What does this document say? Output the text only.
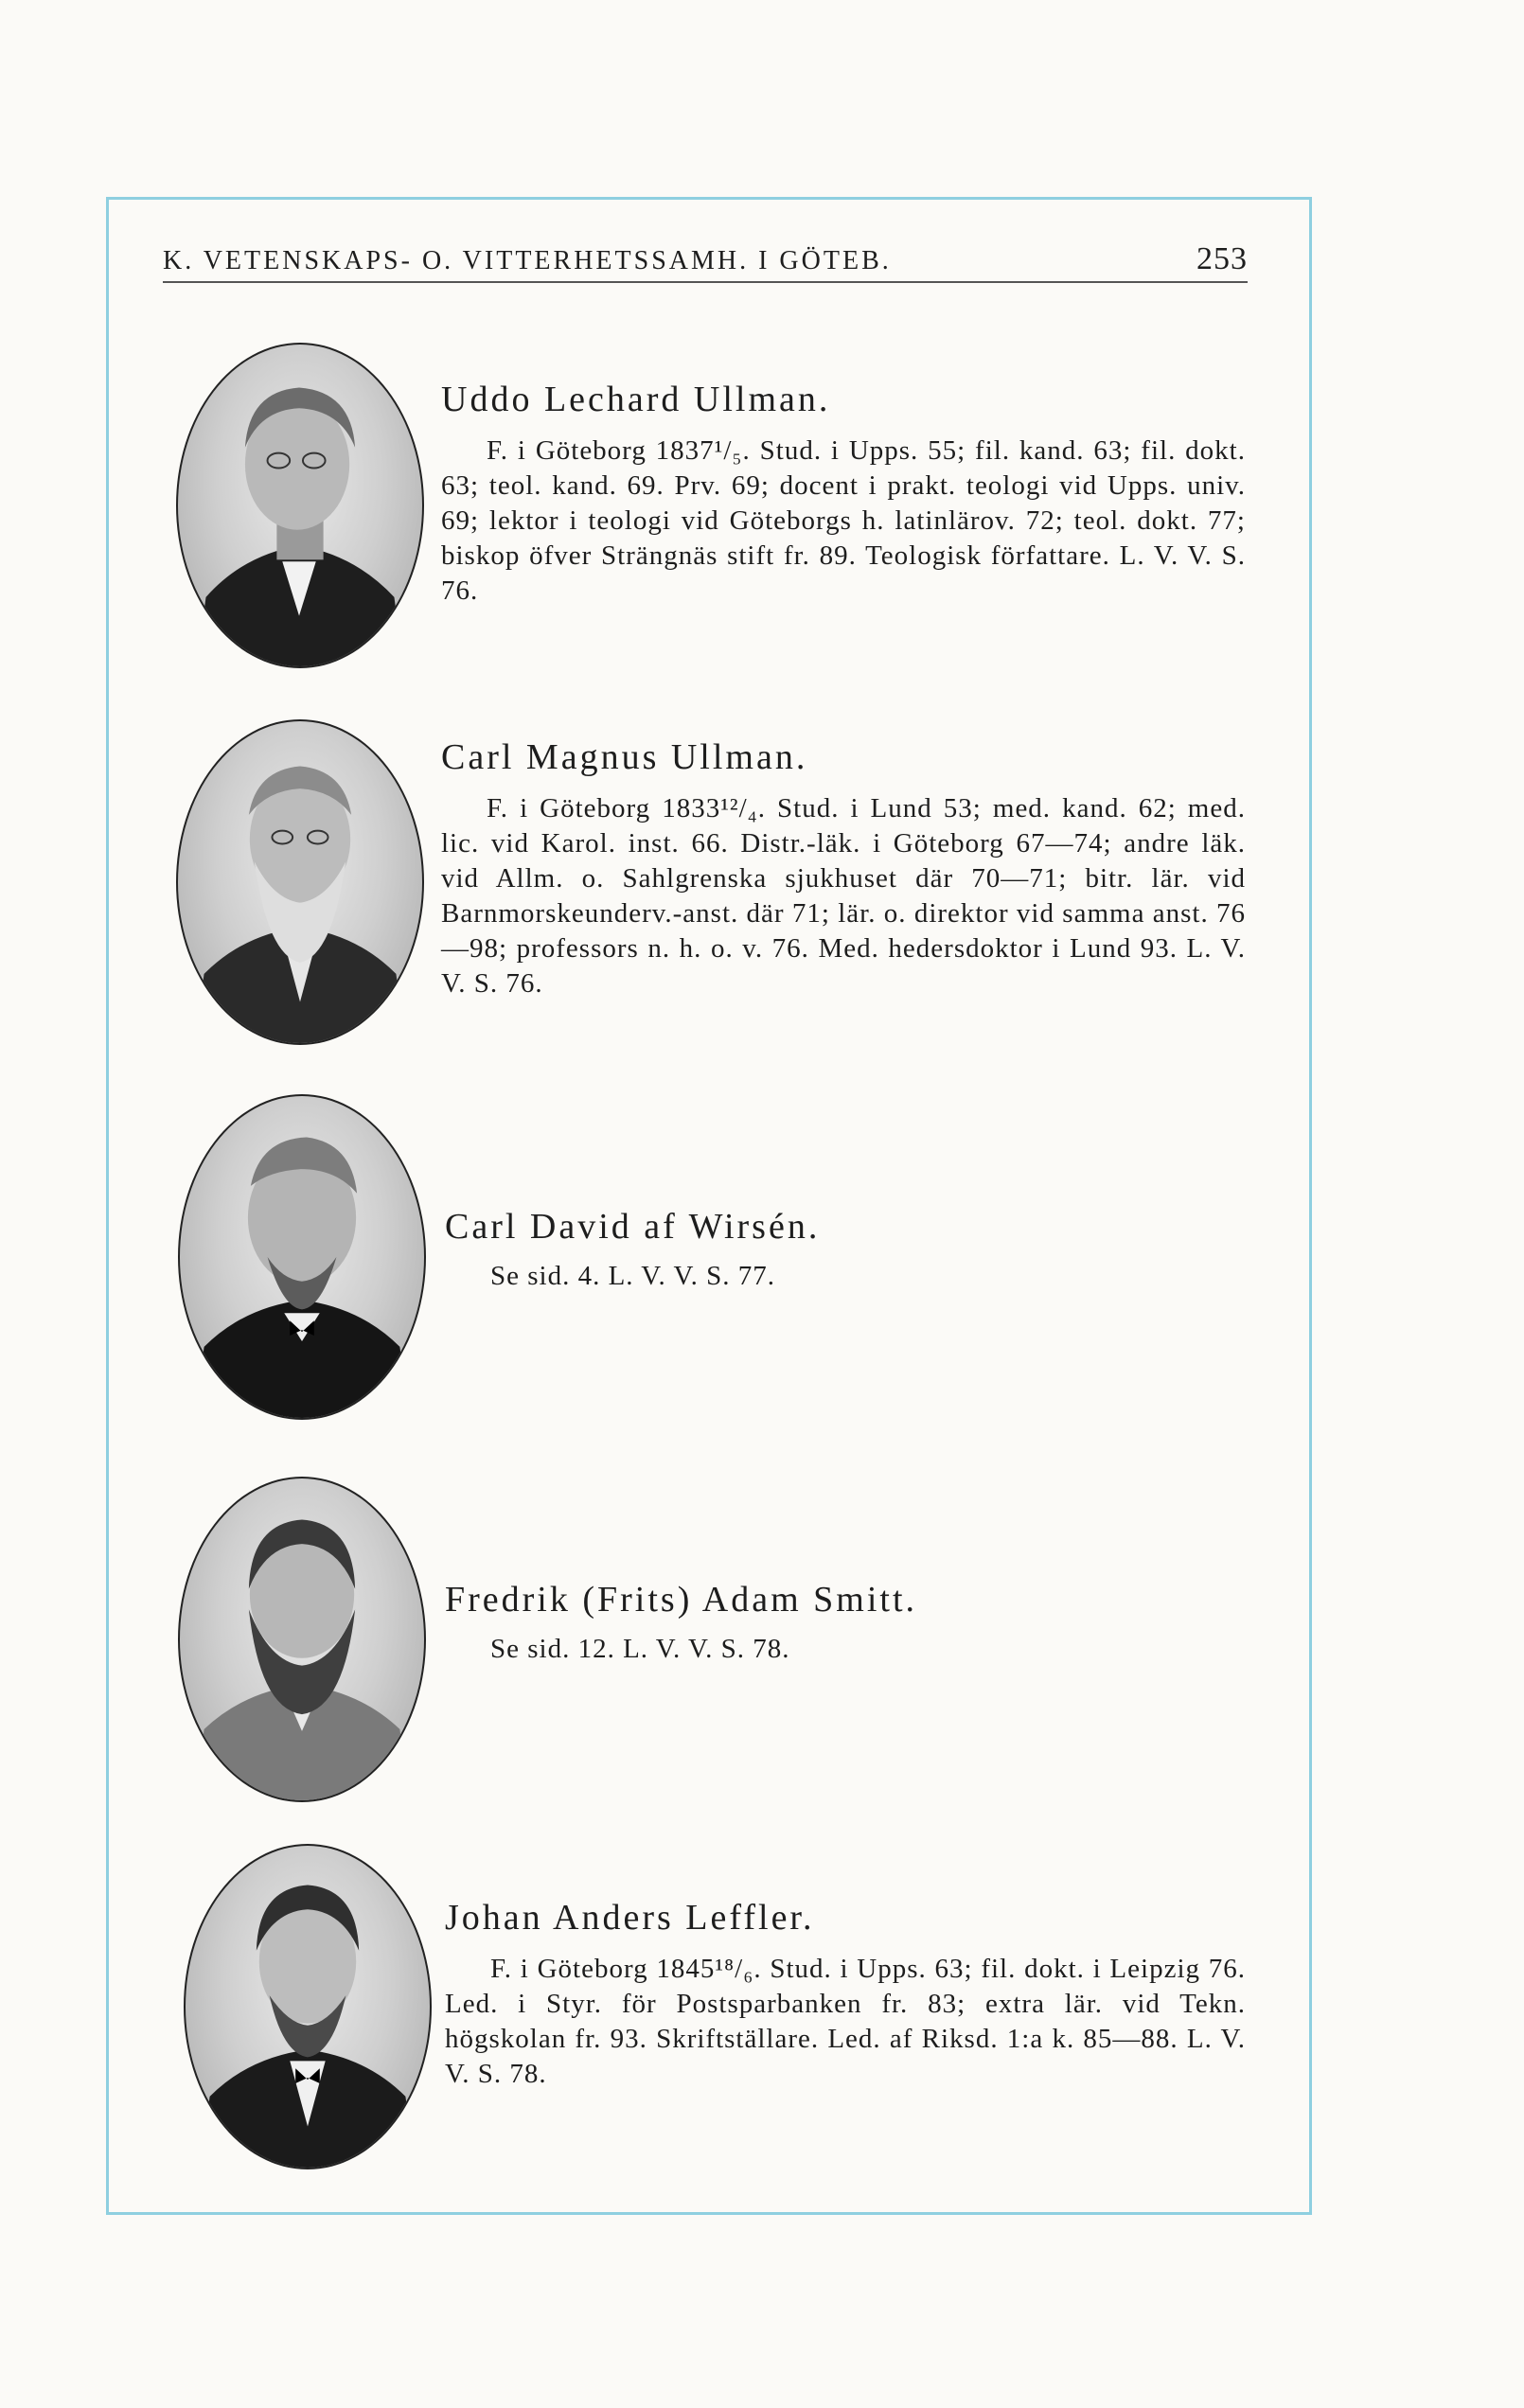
K. VETENSKAPS- O. VITTERHETSSAMH. I GÖTEB.	253
Uddo Lechard Ullman.

F. i Göteborg 1837¹/₅. Stud. i Upps. 55; fil. kand. 63; fil. dokt. 63; teol. kand. 69. Prv. 69; docent i prakt. teologi vid Upps. univ. 69; lektor i teologi vid Göteborgs h. latinlärov. 72; teol. dokt. 77; biskop öfver Strängnäs stift fr. 89. Teologisk författare. L. V. V. S. 76.

Carl Magnus Ullman.

F. i Göteborg 1833¹²/₄. Stud. i Lund 53; med. kand. 62; med. lic. vid Karol. inst. 66. Distr.-läk. i Göteborg 67—74; andre läk. vid Allm. o. Sahlgrenska sjukhuset där 70—71; bitr. lär. vid Barnmorskeunderv.-anst. där 71; lär. o. direktor vid samma anst. 76—98; professors n. h. o. v. 76. Med. hedersdoktor i Lund 93. L. V. V. S. 76.

Carl David af Wirsén.

Se sid. 4. L. V. V. S. 77.

Fredrik (Frits) Adam Smitt.

Se sid. 12. L. V. V. S. 78.

Johan Anders Leffler.

F. i Göteborg 1845¹⁸/₆. Stud. i Upps. 63; fil. dokt. i Leipzig 76. Led. i Styr. för Postsparbanken fr. 83; extra lär. vid Tekn. högskolan fr. 93. Skriftställare. Led. af Riksd. 1:a k. 85—88. L. V. V. S. 78.
